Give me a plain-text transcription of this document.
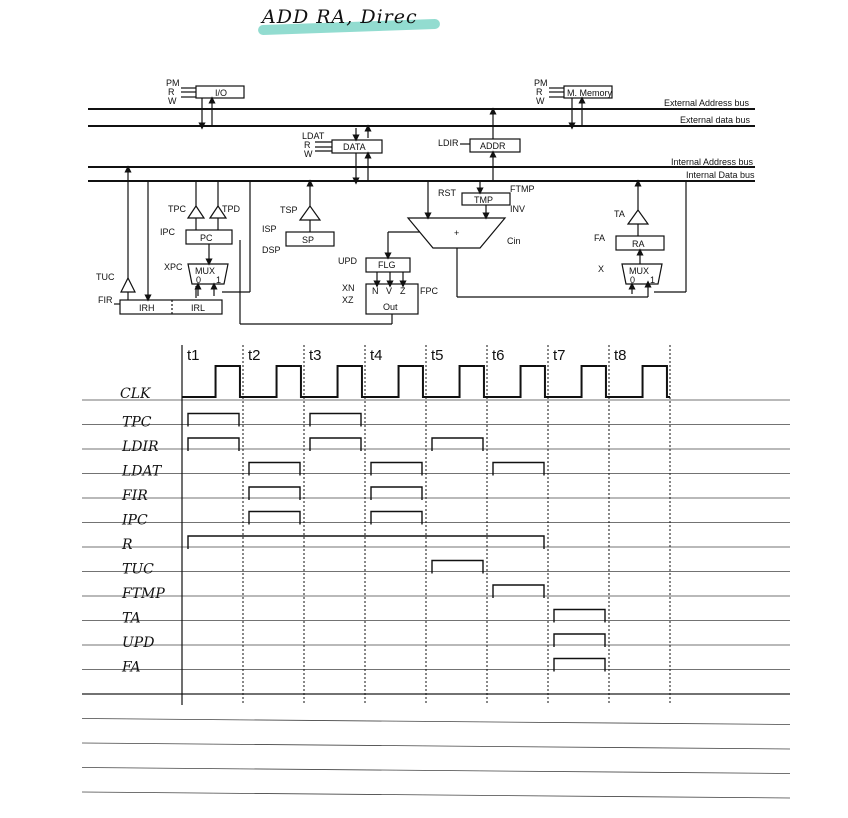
ADD RA, Direc
External Address bus
External data bus
Internal Address bus
Internal Data bus
I/O	M. Memory
DATA	ADDR
TMP
+
PC	SP	RA
MUX	MUX
FLG
Out
IRH	IRL
PM
R
W
PM
R
W
LDAT
R
W
LDIR
RST	FTMP
INV
Cin
TPC	TPD
IPC
XPC
TSP
ISP
DSP
TA
FA
X
UPD
XN
XZ
FPC
N V Z
TUC
FIR
0 1	0 1
t1	t2	t3	t4	t5	t6	t7	t8
CLK
TPC
LDIR
LDAT
FIR
IPC
R
TUC
FTMP
TA
UPD
FA
